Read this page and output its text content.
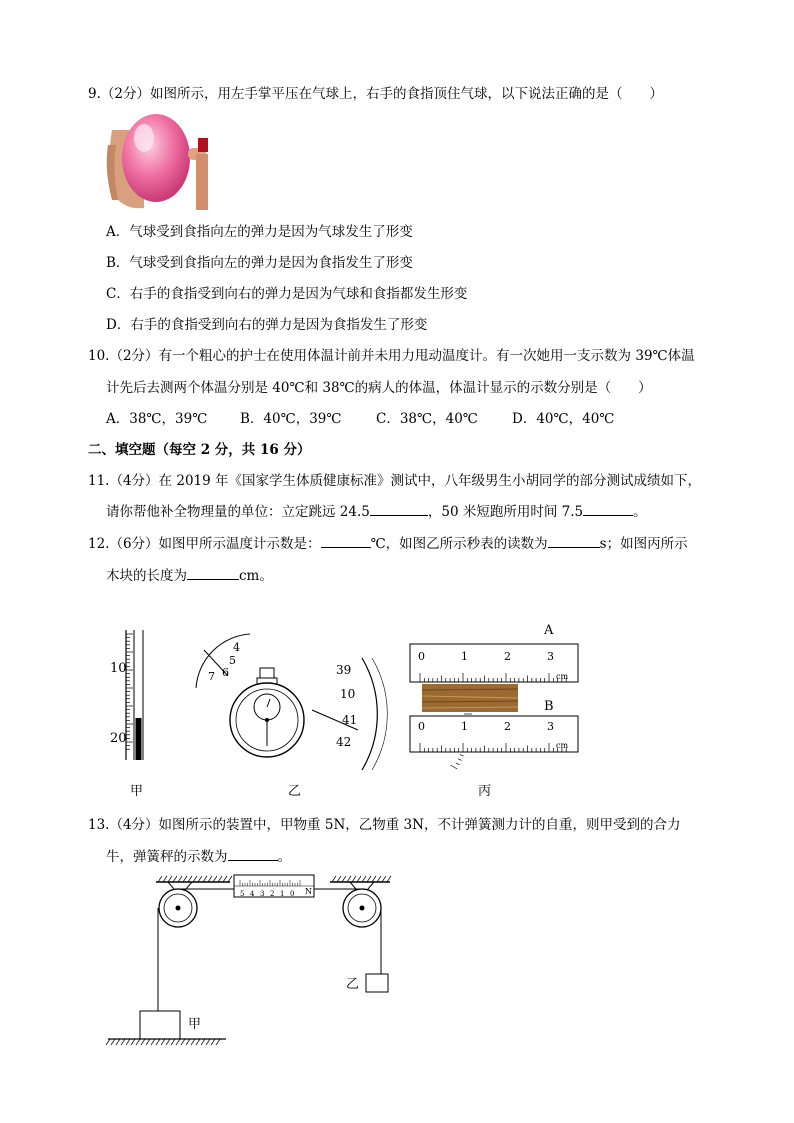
9.（2分）如图所示，用左手掌平压在气球上，右手的食指顶住气球，以下说法正确的是（　　）
A．气球受到食指向左的弹力是因为气球发生了形变
B．气球受到食指向左的弹力是因为食指发生了形变
C．右手的食指受到向右的弹力是因为气球和食指都发生形变
D．右手的食指受到向右的弹力是因为食指发生了形变
10.（2分）有一个粗心的护士在使用体温计前并未用力甩动温度计。有一次她用一支示数为 39℃体温
计先后去测两个体温分别是 40℃和 38℃的病人的体温，体温计显示的示数分别是（　　）
A．38℃，39℃ B．40℃，39℃	C．38℃，40℃	D．40℃，40℃
二、填空题（每空 2 分，共 16 分）
11.（4分）在 2019 年《国家学生体质健康标准》测试中，八年级男生小胡同学的部分测试成绩如下，
请你帮他补全物理量的单位：立定跳远 24.5	，50 米短跑所用时间 7.5	。
12.（6分）如图甲所示温度计示数是：	℃，如图乙所示秒表的读数为	s；如图丙所示
木块的长度为	cm。
10
20
4
5
6
7	39
10
41
42
A
0	1	2	3
cm
B
0	1	2	3
cm
甲	乙	丙
13.（4分）如图所示的装置中，甲物重 5N，乙物重 3N，不计弹簧测力计的自重，则甲受到的合力
牛，弹簧秤的示数为	。
5 4 3 2 1 0 N
乙
甲
